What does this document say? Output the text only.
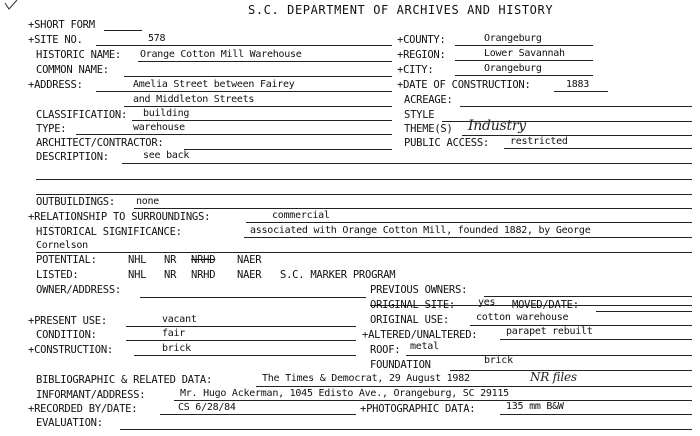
S.C. DEPARTMENT OF ARCHIVES AND HISTORY
+SHORT FORM
+SITE NO.	578	+COUNTY:	Orangeburg
HISTORIC NAME: Orange Cotton Mill Warehouse	+REGION:	Lower Savannah
COMMON NAME:	+CITY:	Orangeburg
+ADDRESS:	Amelia Street between Fairey
and Middleton Streets
+DATE OF CONSTRUCTION:	1883
ACREAGE:
STYLE
CLASSIFICATION: building
TYPE:	warehouse	THEME(S) Industry
ARCHITECT/CONTRACTOR:	PUBLIC ACCESS: restricted
DESCRIPTION:	see back
OUTBUILDINGS: none
+RELATIONSHIP TO SURROUNDINGS:	commercial
HISTORICAL SIGNIFICANCE:	associated with Orange Cotton Mill, founded 1882, by George
Cornelson
POTENTIAL:	NHL NR NRHD NAER
LISTED:	NHL NR NRHD NAER S.C. MARKER PROGRAM
OWNER/ADDRESS:	PREVIOUS OWNERS:
ORIGINAL SITE: yes MOVED/DATE:
+PRESENT USE:	vacant	ORIGINAL USE:	cotton warehouse
CONDITION:	fair	+ALTERED/UNALTERED:	parapet rebuilt
+CONSTRUCTION:	brick	ROOF: metal
FOUNDATION	brick
BIBLIOGRAPHIC & RELATED DATA:	The Times & Democrat, 29 August 1982	NR files
INFORMANT/ADDRESS:	Mr. Hugo Ackerman, 1045 Edisto Ave., Orangeburg, SC 29115
+RECORDED BY/DATE:	CS 6/28/84	+PHOTOGRAPHIC DATA:	135 mm B&W
EVALUATION:
